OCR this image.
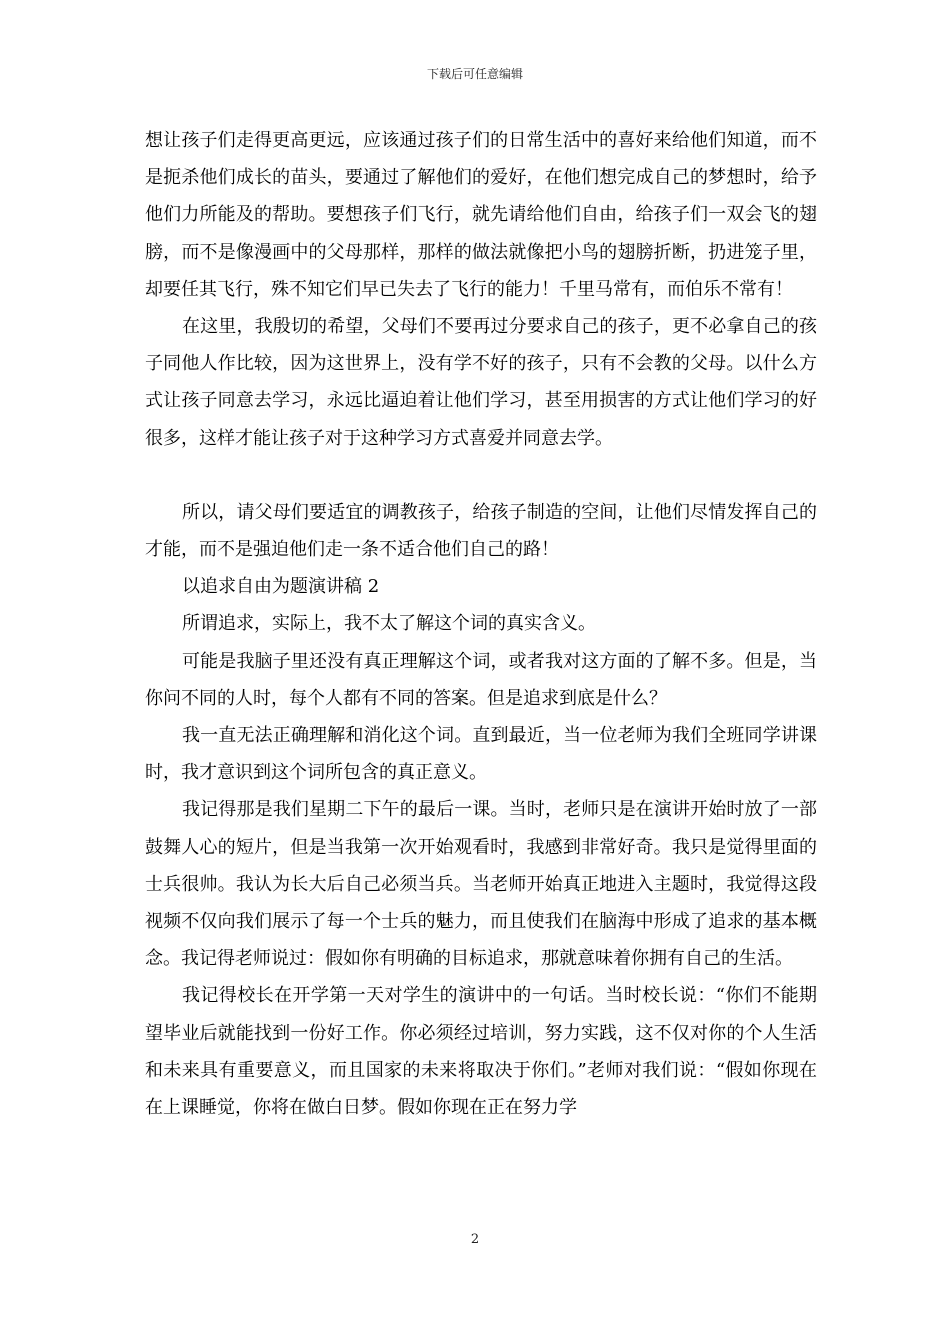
下载后可任意编辑

想让孩子们走得更高更远，应该通过孩子们的日常生活中的喜好来给他们知道，而不是扼杀他们成长的苗头，要通过了解他们的爱好，在他们想完成自己的梦想时，给予他们力所能及的帮助。要想孩子们飞行，就先请给他们自由，给孩子们一双会飞的翅膀，而不是像漫画中的父母那样，那样的做法就像把小鸟的翅膀折断，扔进笼子里，却要任其飞行，殊不知它们早已失去了飞行的能力！千里马常有，而伯乐不常有！

在这里，我殷切的希望，父母们不要再过分要求自己的孩子，更不必拿自己的孩子同他人作比较，因为这世界上，没有学不好的孩子，只有不会教的父母。以什么方式让孩子同意去学习，永远比逼迫着让他们学习，甚至用损害的方式让他们学习的好很多，这样才能让孩子对于这种学习方式喜爱并同意去学。

所以，请父母们要适宜的调教孩子，给孩子制造的空间，让他们尽情发挥自己的才能，而不是强迫他们走一条不适合他们自己的路！

以追求自由为题演讲稿 2

所谓追求，实际上，我不太了解这个词的真实含义。

可能是我脑子里还没有真正理解这个词，或者我对这方面的了解不多。但是，当你问不同的人时，每个人都有不同的答案。但是追求到底是什么？

我一直无法正确理解和消化这个词。直到最近，当一位老师为我们全班同学讲课时，我才意识到这个词所包含的真正意义。

我记得那是我们星期二下午的最后一课。当时，老师只是在演讲开始时放了一部鼓舞人心的短片，但是当我第一次开始观看时，我感到非常好奇。我只是觉得里面的士兵很帅。我认为长大后自己必须当兵。当老师开始真正地进入主题时，我觉得这段视频不仅向我们展示了每一个士兵的魅力，而且使我们在脑海中形成了追求的基本概念。我记得老师说过：假如你有明确的目标追求，那就意味着你拥有自己的生活。

我记得校长在开学第一天对学生的演讲中的一句话。当时校长说：“你们不能期望毕业后就能找到一份好工作。你必须经过培训，努力实践，这不仅对你的个人生活和未来具有重要意义，而且国家的未来将取决于你们。”老师对我们说：“假如你现在在上课睡觉，你将在做白日梦。假如你现在正在努力学

2
